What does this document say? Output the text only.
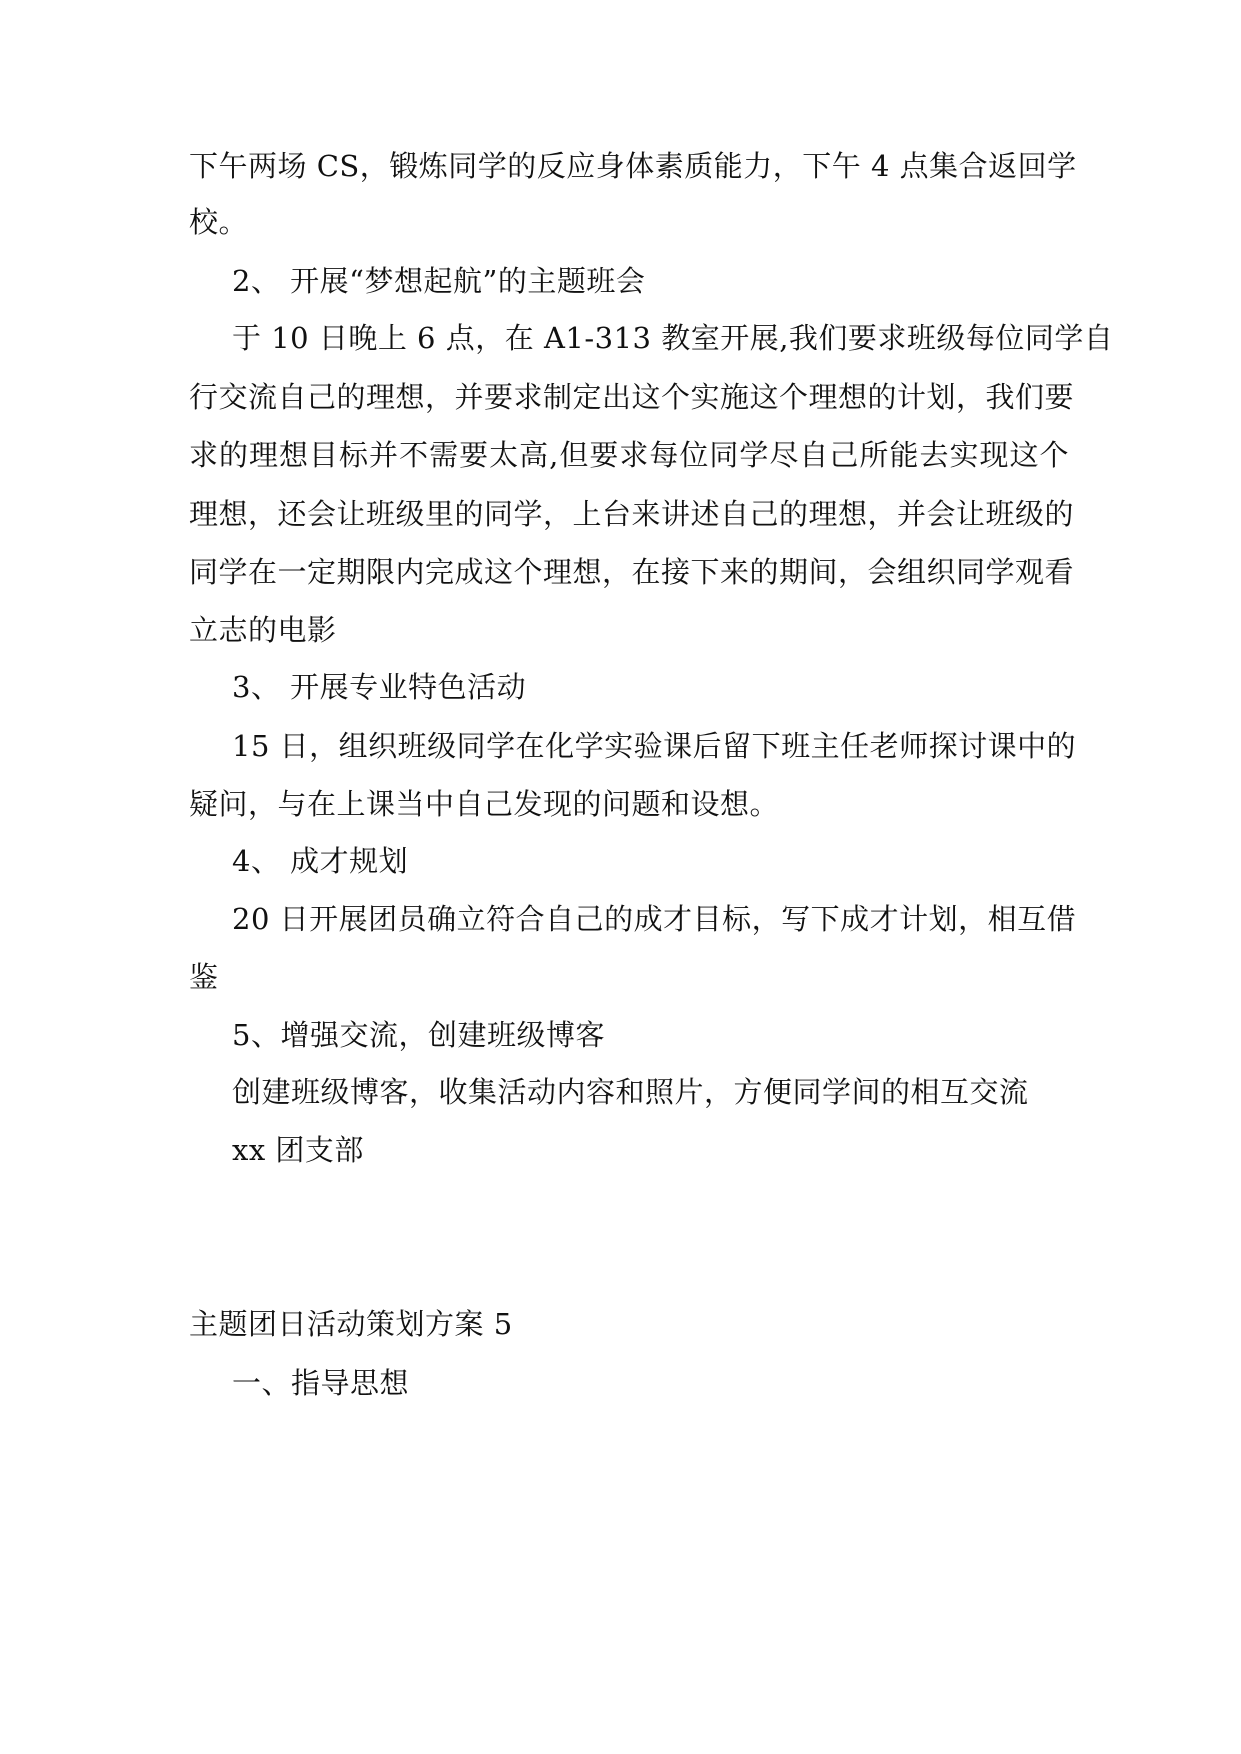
下午两场 CS，锻炼同学的反应身体素质能力，下午 4 点集合返回学
校。
2、 开展“梦想起航”的主题班会
于 10 日晚上 6 点，在 A1-313 教室开展,我们要求班级每位同学自
行交流自己的理想，并要求制定出这个实施这个理想的计划，我们要
求的理想目标并不需要太高,但要求每位同学尽自己所能去实现这个
理想，还会让班级里的同学，上台来讲述自己的理想，并会让班级的
同学在一定期限内完成这个理想，在接下来的期间，会组织同学观看
立志的电影
3、 开展专业特色活动
15 日，组织班级同学在化学实验课后留下班主任老师探讨课中的
疑问，与在上课当中自己发现的问题和设想。
4、 成才规划
20 日开展团员确立符合自己的成才目标，写下成才计划，相互借
鉴
5、增强交流，创建班级博客
创建班级博客，收集活动内容和照片，方便同学间的相互交流
xx 团支部
主题团日活动策划方案 5
一、指导思想
